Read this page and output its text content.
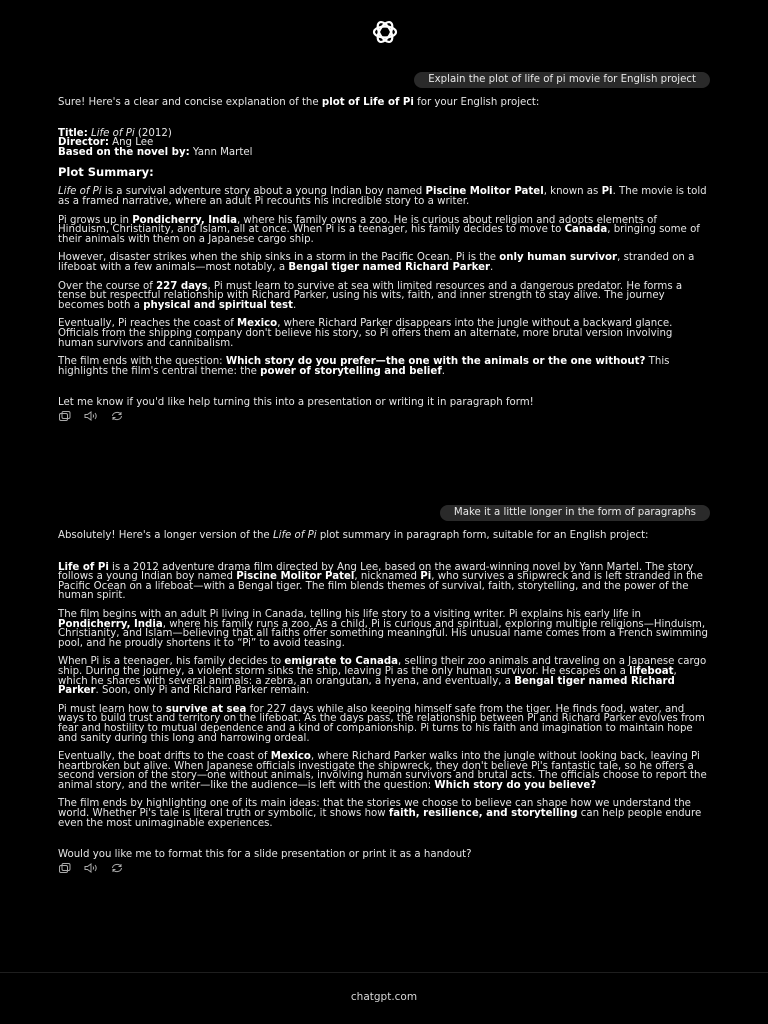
Explain the plot of life of pi movie for English project

Sure! Here's a clear and concise explanation of the plot of Life of Pi for your English project:

Title: Life of Pi (2012)

Director: Ang Lee

Based on the novel by: Yann Martel

Plot Summary:

Life of Pi is a survival adventure story about a young Indian boy named Piscine Molitor Patel, known as Pi. The movie is told as a framed narrative, where an adult Pi recounts his incredible story to a writer.

Pi grows up in Pondicherry, India, where his family owns a zoo. He is curious about religion and adopts elements of Hinduism, Christianity, and Islam, all at once. When Pi is a teenager, his family decides to move to Canada, bringing some of their animals with them on a Japanese cargo ship.

However, disaster strikes when the ship sinks in a storm in the Pacific Ocean. Pi is the only human survivor, stranded on a lifeboat with a few animals—most notably, a Bengal tiger named Richard Parker.

Over the course of 227 days, Pi must learn to survive at sea with limited resources and a dangerous predator. He forms a tense but respectful relationship with Richard Parker, using his wits, faith, and inner strength to stay alive. The journey becomes both a physical and spiritual test.

Eventually, Pi reaches the coast of Mexico, where Richard Parker disappears into the jungle without a backward glance. Officials from the shipping company don't believe his story, so Pi offers them an alternate, more brutal version involving human survivors and cannibalism.

The film ends with the question: Which story do you prefer—the one with the animals or the one without? This highlights the film's central theme: the power of storytelling and belief.

Let me know if you'd like help turning this into a presentation or writing it in paragraph form!

Make it a little longer in the form of paragraphs

Absolutely! Here's a longer version of the Life of Pi plot summary in paragraph form, suitable for an English project:

Life of Pi is a 2012 adventure drama film directed by Ang Lee, based on the award-winning novel by Yann Martel. The story follows a young Indian boy named Piscine Molitor Patel, nicknamed Pi, who survives a shipwreck and is left stranded in the Pacific Ocean on a lifeboat—with a Bengal tiger. The film blends themes of survival, faith, storytelling, and the power of the human spirit.

The film begins with an adult Pi living in Canada, telling his life story to a visiting writer. Pi explains his early life in Pondicherry, India, where his family runs a zoo. As a child, Pi is curious and spiritual, exploring multiple religions—Hinduism, Christianity, and Islam—believing that all faiths offer something meaningful. His unusual name comes from a French swimming pool, and he proudly shortens it to “Pi” to avoid teasing.

When Pi is a teenager, his family decides to emigrate to Canada, selling their zoo animals and traveling on a Japanese cargo ship. During the journey, a violent storm sinks the ship, leaving Pi as the only human survivor. He escapes on a lifeboat, which he shares with several animals: a zebra, an orangutan, a hyena, and eventually, a Bengal tiger named Richard Parker. Soon, only Pi and Richard Parker remain.

Pi must learn how to survive at sea for 227 days while also keeping himself safe from the tiger. He finds food, water, and ways to build trust and territory on the lifeboat. As the days pass, the relationship between Pi and Richard Parker evolves from fear and hostility to mutual dependence and a kind of companionship. Pi turns to his faith and imagination to maintain hope and sanity during this long and harrowing ordeal.

Eventually, the boat drifts to the coast of Mexico, where Richard Parker walks into the jungle without looking back, leaving Pi heartbroken but alive. When Japanese officials investigate the shipwreck, they don't believe Pi's fantastic tale, so he offers a second version of the story—one without animals, involving human survivors and brutal acts. The officials choose to report the animal story, and the writer—like the audience—is left with the question: Which story do you believe?

The film ends by highlighting one of its main ideas: that the stories we choose to believe can shape how we understand the world. Whether Pi's tale is literal truth or symbolic, it shows how faith, resilience, and storytelling can help people endure even the most unimaginable experiences.

Would you like me to format this for a slide presentation or print it as a handout?

chatgpt.com
